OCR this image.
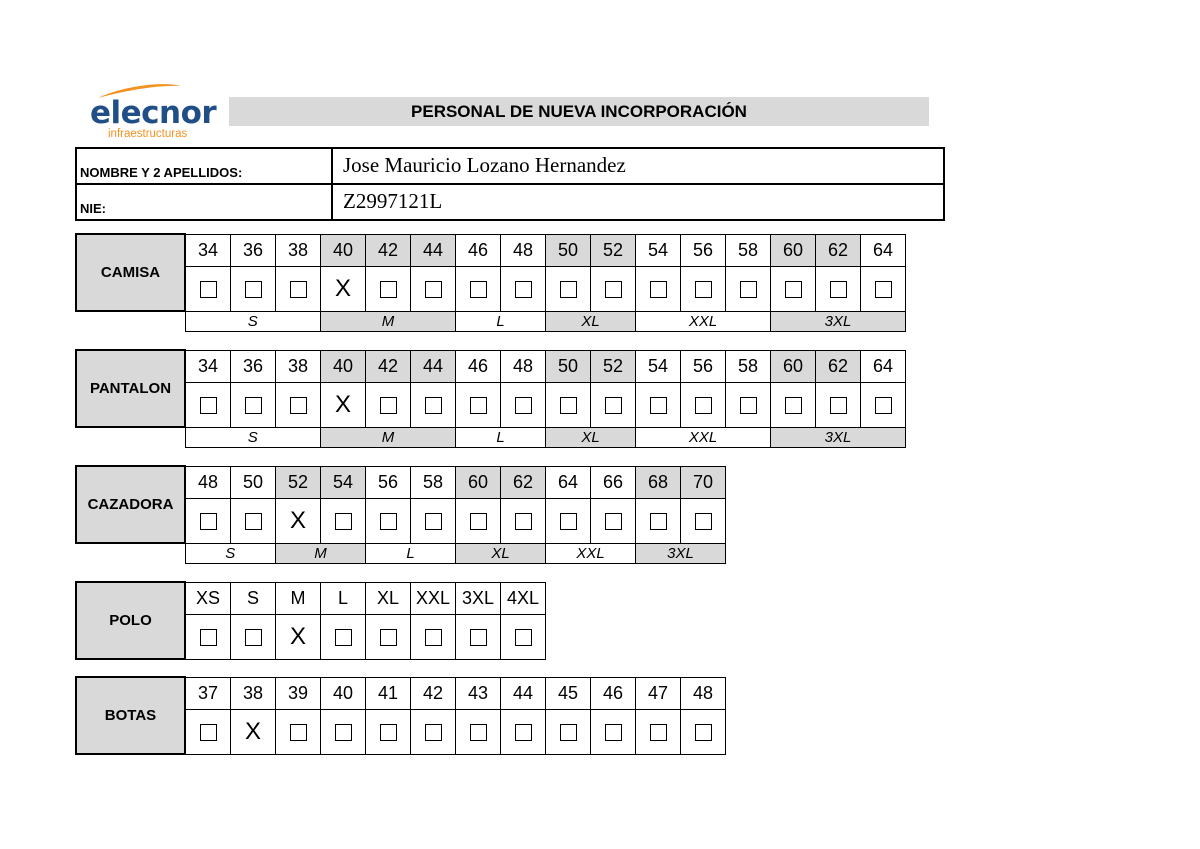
elecnor
infraestructuras
PERSONAL DE NUEVA INCORPORACIÓN
NOMBRE Y 2 APELLIDOS:	Jose Mauricio Lozano Hernandez
NIE:	Z2997121L
CAMISA	34	36	38	40	42	44	46	48	50	52	54	56	58	60	62	64
				X												
	S			M			L		XL		XXL			3XL		
PANTALON	34	36	38	40	42	44	46	48	50	52	54	56	58	60	62	64
				X												
	S			M			L		XL		XXL			3XL		
CAZADORA	48	50	52	54	56	58	60	62	64	66	68	70
			X									
	S		M		L		XL		XXL		3XL	
POLO	XS	S	M	L	XL	XXL	3XL	4XL
			X					
BOTAS	37	38	39	40	41	42	43	44	45	46	47	48
		X										
